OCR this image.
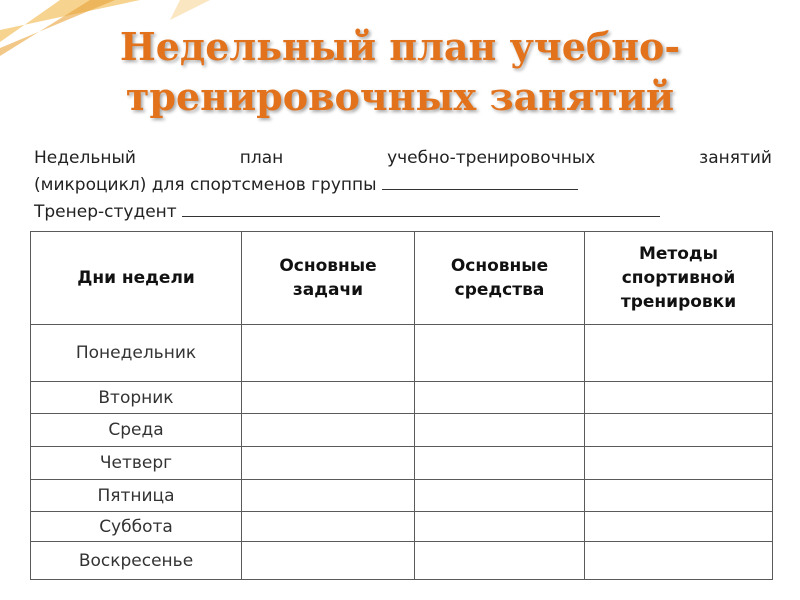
Недельный план учебно-
тренировочных занятий
Недельный	план	учебно-тренировочных	занятий
(микроцикл) для спортсменов группы
Тренер-студент
Дни недели	Основные задачи	Основные средства	Методы спортивной тренировки
Понедельник			
Вторник			
Среда			
Четверг			
Пятница			
Суббота			
Воскресенье			
